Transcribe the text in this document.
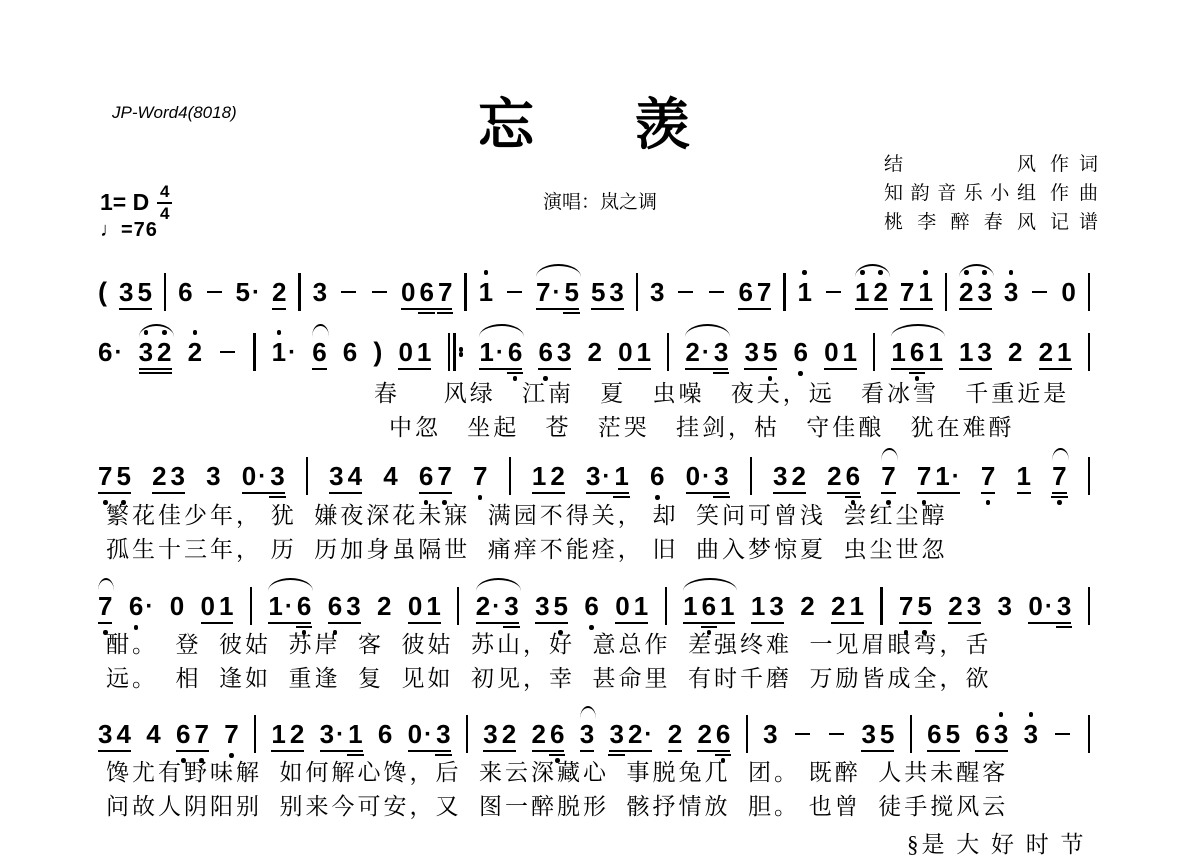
JP-Word4(8018)	忘 羡
演唱：岚之调
结风 作词
知韵音乐小组 作曲
桃李醉春风 记谱
1= D $\frac{4}{4}$
♩=76
( 3 5 6 5 · 2 3	0 6 7 1 7 · 5 5 3 3	6 7 1 1 2 7 1 2 3 3 0
6 · 3 2 2	1 · 6 6 ) 0 1 1 · 6 6 3 2 0 1 2 · 3 3 5 6 0 1 1 6 1 1 3 2 2 1
7 5 2 3 3 0 · 3 3 4 4 6 7 7 1 2 3 · 1 6 0 · 3 3 2 2 6 7 7 1 · 7 1 7
7 6 · 0 0 1 1 · 6 6 3 2 0 1 2 · 3 3 5 6 0 1 1 6 1 1 3 2 2 1 7 5 2 3 3 0 · 3
3 4 4 6 7 7 1 2 3 · 1 6 0 · 3 3 2 2 6 3 3 2 · 2 2 6 3	3 5 6 5 6 3 3
春     风绿   江南   夏   虫噪   夜天，远   看冰雪   千重近是
中忽   坐起   苍   茫哭   挂剑，枯   守佳酿   犹在难酹
繁花佳少年， 犹  嫌夜深花未寐  满园不得关， 却  笑问可曾浅  尝红尘醇
孤生十三年， 历  历加身虽隔世  痛痒不能痊， 旧  曲入梦惊夏  虫尘世忽
酣。  登  彼姑  苏岸  客  彼姑  苏山，好  意总作  差强终难  一见眉眼弯，舌
远。  相  逢如  重逢  复  见如  初见，幸  甚命里  有时千磨  万励皆成全，欲
馋尤有野味解  如何解心馋，后  来云深藏心  事脱兔几  团。 既醉  人共未醒客
问故人阴阳别  别来今可安，又  图一醉脱形  骸抒情放  胆。 也曾  徒手搅风云
§是 大 好 时 节
